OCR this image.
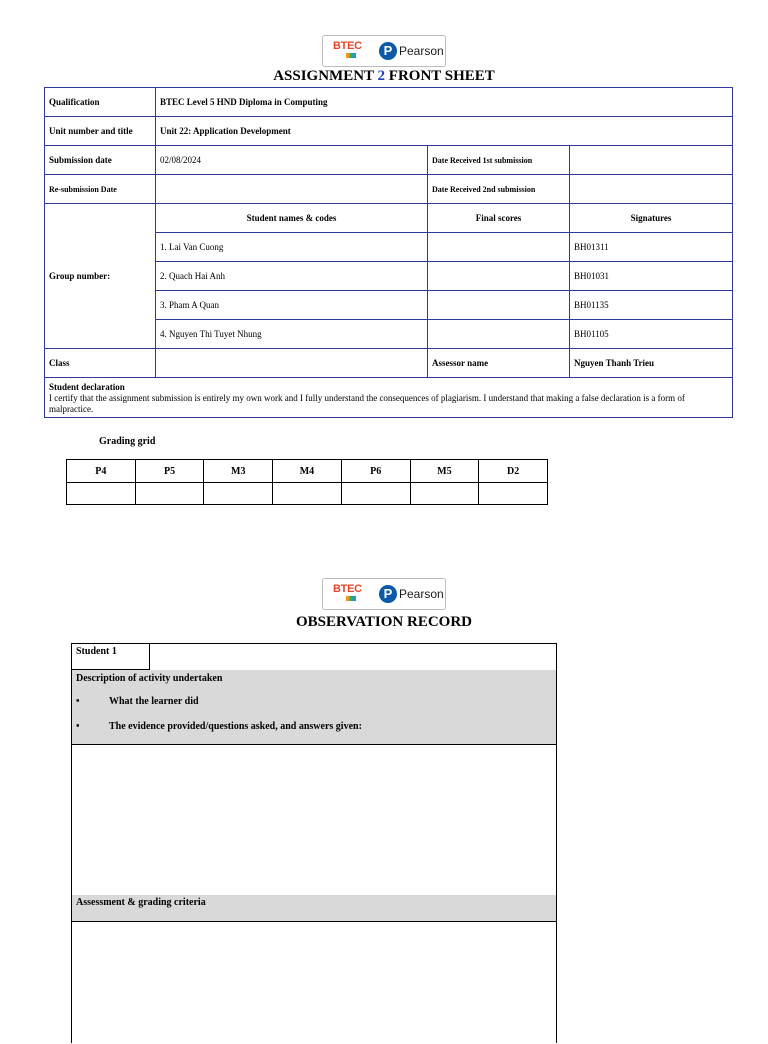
BTEC	P Pearson
ASSIGNMENT 2 FRONT SHEET
Qualification	BTEC Level 5 HND Diploma in Computing		
Unit number and title	Unit 22: Application Development		
Submission date	02/08/2024	Date Received 1st submission	
Re-submission Date		Date Received 2nd submission	
Group number:	Student names & codes	Final scores	Signatures
	1. Lai Van Cuong		BH01311
	2. Quach Hai Anh		BH01031
	3. Pham A Quan		BH01135
	4. Nguyen Thi Tuyet Nhung		BH01105
Class		Assessor name	Nguyen Thanh Trieu
Student declaration
I certify that the assignment submission is entirely my own work and I fully understand the consequences of plagiarism. I understand that making a false declaration is a form of malpractice.			
Grading grid
P4	P5	M3	M4	P6	M5	D2

BTEC	P Pearson
OBSERVATION RECORD
Student 1
Description of activity undertaken
•	What the learner did
•	The evidence provided/questions asked, and answers given:
Assessment & grading criteria
